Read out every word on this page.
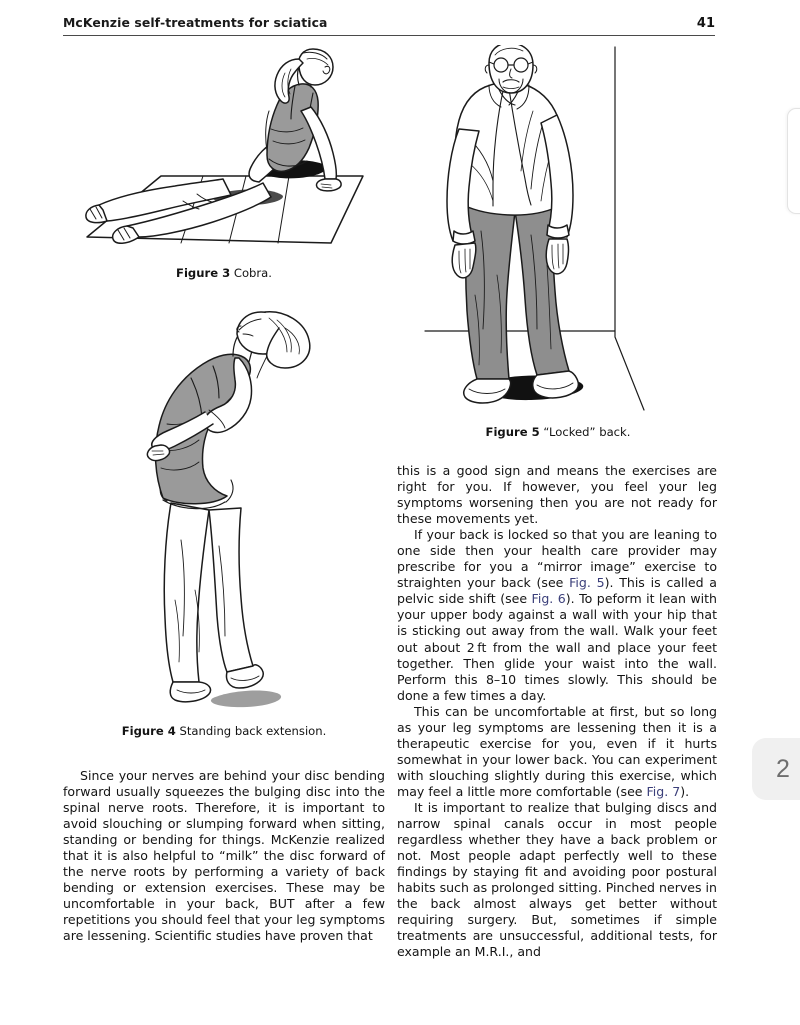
McKenzie self-treatments for sciatica	41
Figure 3 Cobra.
Figure 4 Standing back extension.
Figure 5 “Locked” back.

Since your nerves are behind your disc bending forward usually squeezes the bulging disc into the spinal nerve roots. Therefore, it is important to avoid slouching or slumping forward when sitting, standing or bending for things. McKenzie realized that it is also helpful to “milk” the disc forward of the nerve roots by performing a variety of back bending or extension exercises. These may be uncomfortable in your back, BUT after a few repetitions you should feel that your leg symptoms are lessening. Scientific studies have proven that

this is a good sign and means the exercises are right for you. If however, you feel your leg symptoms worsening then you are not ready for these movements yet.

If your back is locked so that you are leaning to one side then your health care provider may prescribe for you a “mirror image” exercise to straighten your back (see Fig. 5). This is called a pelvic side shift (see Fig. 6). To peform it lean with your upper body against a wall with your hip that is sticking out away from the wall. Walk your feet out about 2 ft from the wall and place your feet together. Then glide your waist into the wall. Perform this 8–10 times slowly. This should be done a few times a day.

This can be uncomfortable at first, but so long as your leg symptoms are lessening then it is a therapeutic exercise for you, even if it hurts somewhat in your lower back. You can experiment with slouching slightly during this exercise, which may feel a little more comfortable (see Fig. 7).

It is important to realize that bulging discs and narrow spinal canals occur in most people regardless whether they have a back problem or not. Most people adapt perfectly well to these findings by staying fit and avoiding poor postural habits such as prolonged sitting. Pinched nerves in the back almost always get better without requiring surgery. But, sometimes if simple treatments are unsuccessful, additional tests, for example an M.R.I., and

2
